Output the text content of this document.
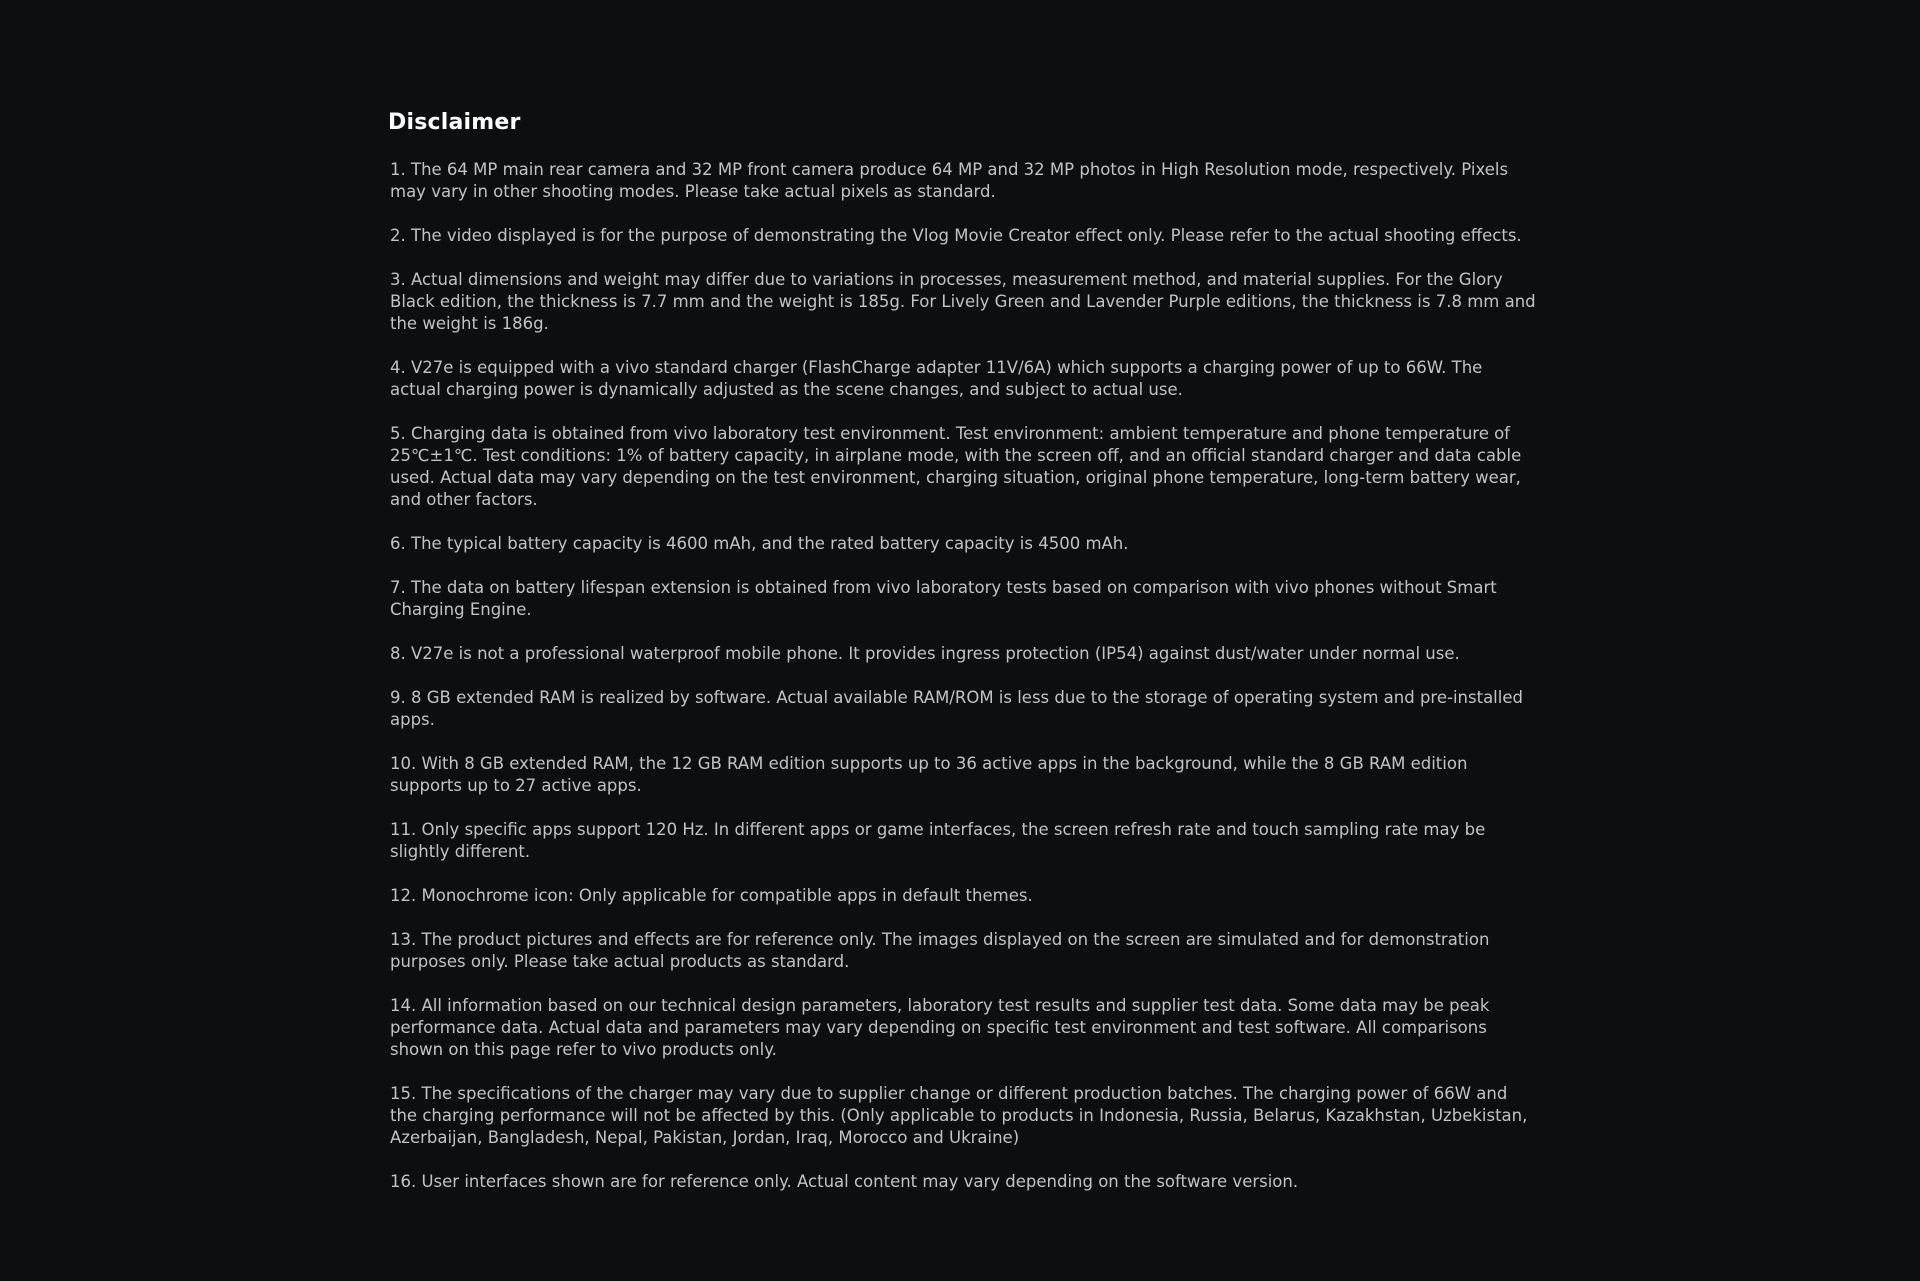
Disclaimer
1. The 64 MP main rear camera and 32 MP front camera produce 64 MP and 32 MP photos in High Resolution mode, respectively. Pixels may vary in other shooting modes. Please take actual pixels as standard.
2. The video displayed is for the purpose of demonstrating the Vlog Movie Creator effect only. Please refer to the actual shooting effects.
3. Actual dimensions and weight may differ due to variations in processes, measurement method, and material supplies. For the Glory Black edition, the thickness is 7.7 mm and the weight is 185g. For Lively Green and Lavender Purple editions, the thickness is 7.8 mm and the weight is 186g.
4. V27e is equipped with a vivo standard charger (FlashCharge adapter 11V/6A) which supports a charging power of up to 66W. The actual charging power is dynamically adjusted as the scene changes, and subject to actual use.
5. Charging data is obtained from vivo laboratory test environment. Test environment: ambient temperature and phone temperature of 25℃±1℃. Test conditions: 1% of battery capacity, in airplane mode, with the screen off, and an official standard charger and data cable used. Actual data may vary depending on the test environment, charging situation, original phone temperature, long-term battery wear, and other factors.
6. The typical battery capacity is 4600 mAh, and the rated battery capacity is 4500 mAh.
7. The data on battery lifespan extension is obtained from vivo laboratory tests based on comparison with vivo phones without Smart Charging Engine.
8. V27e is not a professional waterproof mobile phone. It provides ingress protection (IP54) against dust/water under normal use.
9. 8 GB extended RAM is realized by software. Actual available RAM/ROM is less due to the storage of operating system and pre-installed apps.
10. With 8 GB extended RAM, the 12 GB RAM edition supports up to 36 active apps in the background, while the 8 GB RAM edition supports up to 27 active apps.
11. Only specific apps support 120 Hz. In different apps or game interfaces, the screen refresh rate and touch sampling rate may be slightly different.
12. Monochrome icon: Only applicable for compatible apps in default themes.
13. The product pictures and effects are for reference only. The images displayed on the screen are simulated and for demonstration purposes only. Please take actual products as standard.
14. All information based on our technical design parameters, laboratory test results and supplier test data. Some data may be peak performance data. Actual data and parameters may vary depending on specific test environment and test software. All comparisons shown on this page refer to vivo products only.
15. The specifications of the charger may vary due to supplier change or different production batches. The charging power of 66W and the charging performance will not be affected by this. (Only applicable to products in Indonesia, Russia, Belarus, Kazakhstan, Uzbekistan, Azerbaijan, Bangladesh, Nepal, Pakistan, Jordan, Iraq, Morocco and Ukraine)
16. User interfaces shown are for reference only. Actual content may vary depending on the software version.
